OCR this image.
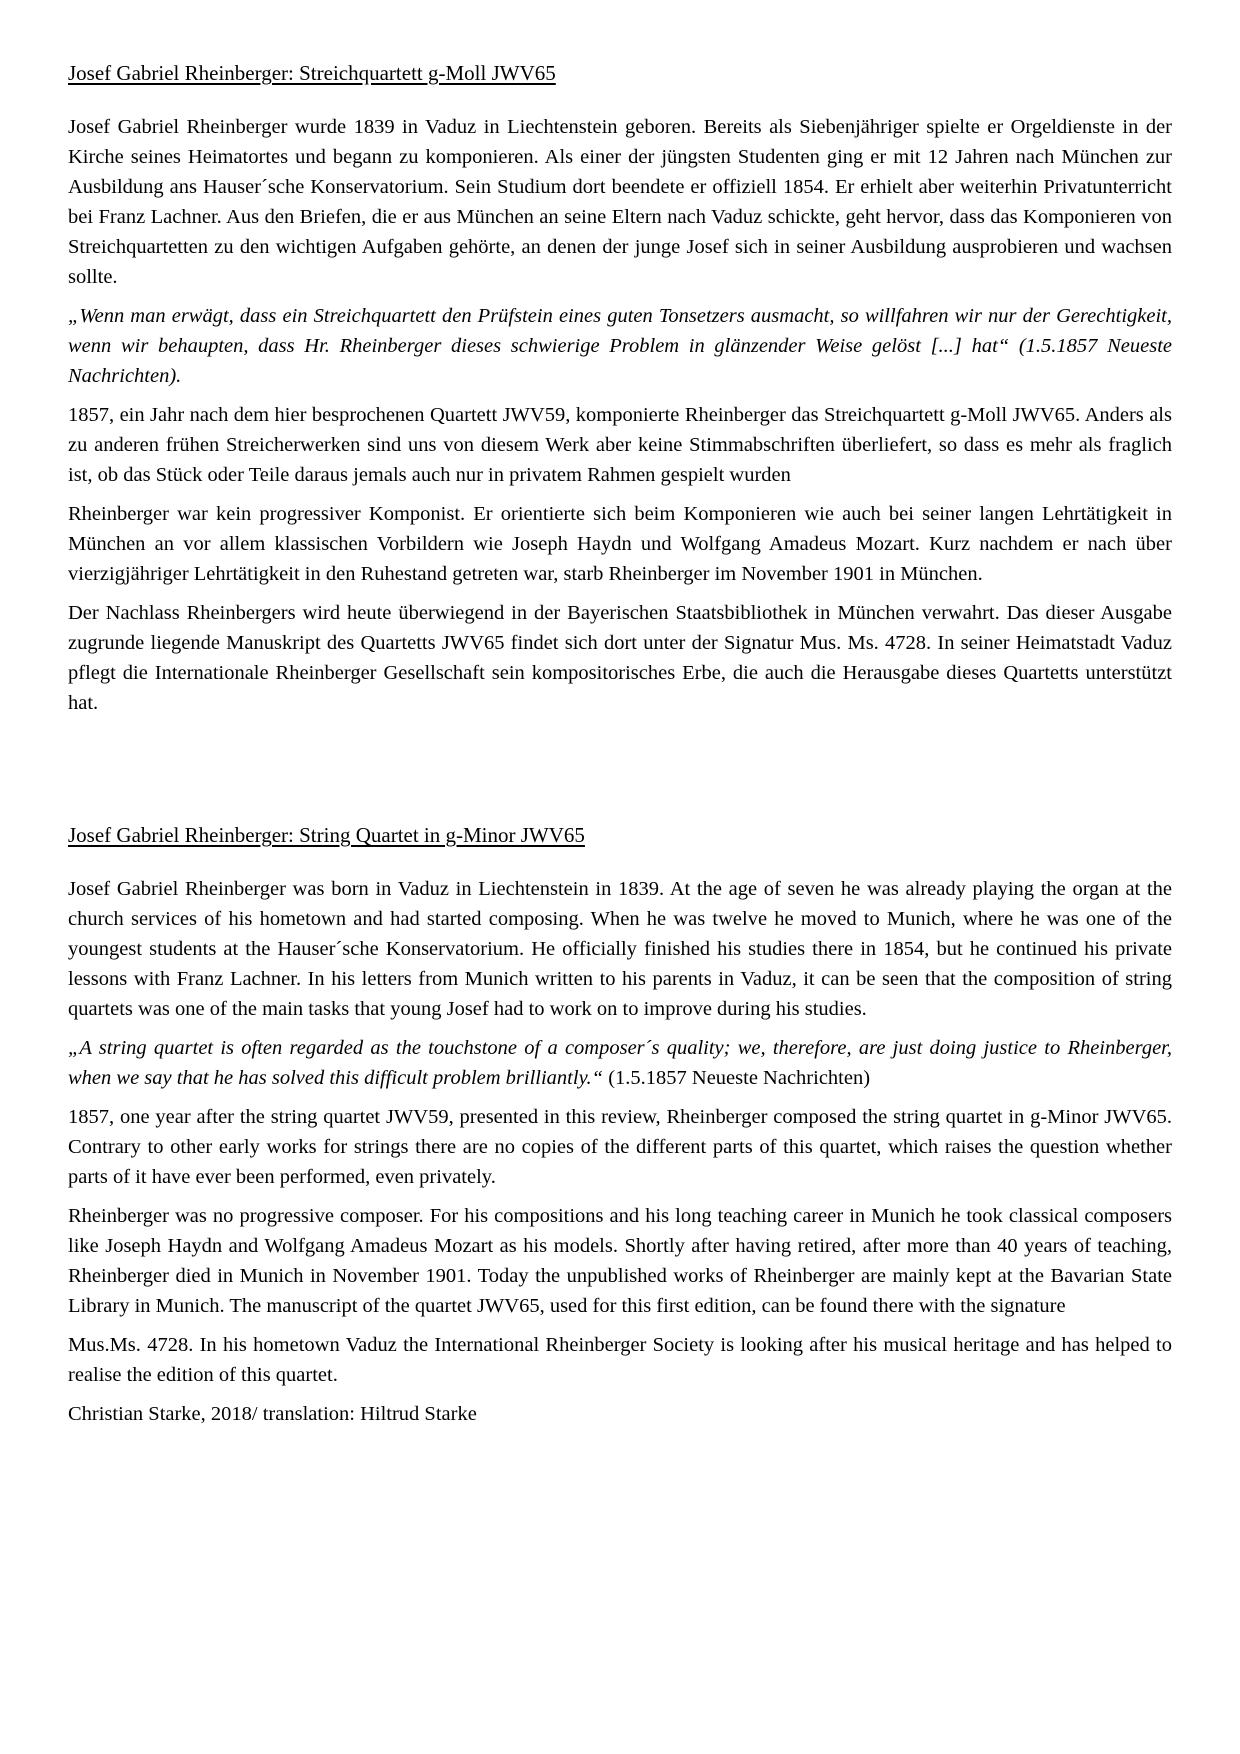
Josef Gabriel Rheinberger: Streichquartett g-Moll JWV65

Josef Gabriel Rheinberger wurde 1839 in Vaduz in Liechtenstein geboren. Bereits als Siebenjähriger spielte er Orgeldienste in der Kirche seines Heimatortes und begann zu komponieren. Als einer der jüngsten Studenten ging er mit 12 Jahren nach München zur Ausbildung ans Hauser´sche Konservatorium. Sein Studium dort beendete er offiziell 1854. Er erhielt aber weiterhin Privatunterricht bei Franz Lachner. Aus den Briefen, die er aus München an seine Eltern nach Vaduz schickte, geht hervor, dass das Komponieren von Streichquartetten zu den wichtigen Aufgaben gehörte, an denen der junge Josef sich in seiner Ausbildung ausprobieren und wachsen sollte.

„Wenn man erwägt, dass ein Streichquartett den Prüfstein eines guten Tonsetzers ausmacht, so willfahren wir nur der Gerechtigkeit, wenn wir behaupten, dass Hr. Rheinberger dieses schwierige Problem in glänzender Weise gelöst [...] hat“ (1.5.1857 Neueste Nachrichten).

1857, ein Jahr nach dem hier besprochenen Quartett JWV59, komponierte Rheinberger das Streichquartett g-Moll JWV65. Anders als zu anderen frühen Streicherwerken sind uns von diesem Werk aber keine Stimmabschriften überliefert, so dass es mehr als fraglich ist, ob das Stück oder Teile daraus jemals auch nur in privatem Rahmen gespielt wurden

Rheinberger war kein progressiver Komponist. Er orientierte sich beim Komponieren wie auch bei seiner langen Lehrtätigkeit in München an vor allem klassischen Vorbildern wie Joseph Haydn und Wolfgang Amadeus Mozart. Kurz nachdem er nach über vierzigjähriger Lehrtätigkeit in den Ruhestand getreten war, starb Rheinberger im November 1901 in München.

Der Nachlass Rheinbergers wird heute überwiegend in der Bayerischen Staatsbibliothek in München verwahrt. Das dieser Ausgabe zugrunde liegende Manuskript des Quartetts JWV65 findet sich dort unter der Signatur Mus. Ms. 4728. In seiner Heimatstadt Vaduz pflegt die Internationale Rheinberger Gesellschaft sein kompositorisches Erbe, die auch die Herausgabe dieses Quartetts unterstützt hat.

Josef Gabriel Rheinberger: String Quartet in g-Minor JWV65

Josef Gabriel Rheinberger was born in Vaduz in Liechtenstein in 1839. At the age of seven he was already playing the organ at the church services of his hometown and had started composing. When he was twelve he moved to Munich, where he was one of the youngest students at the Hauser´sche Konservatorium. He officially finished his studies there in 1854, but he continued his private lessons with Franz Lachner. In his letters from Munich written to his parents in Vaduz, it can be seen that the composition of string quartets was one of the main tasks that young Josef had to work on to improve during his studies.

„A string quartet is often regarded as the touchstone of a composer´s quality; we, therefore, are just doing justice to Rheinberger, when we say that he has solved this difficult problem brilliantly.“ (1.5.1857 Neueste Nachrichten)

1857, one year after the string quartet JWV59, presented in this review, Rheinberger composed the string quartet in g-Minor JWV65. Contrary to other early works for strings there are no copies of the different parts of this quartet, which raises the question whether parts of it have ever been performed, even privately.

Rheinberger was no progressive composer. For his compositions and his long teaching career in Munich he took classical composers like Joseph Haydn and Wolfgang Amadeus Mozart as his models. Shortly after having retired, after more than 40 years of teaching, Rheinberger died in Munich in November 1901. Today the unpublished works of Rheinberger are mainly kept at the Bavarian State Library in Munich. The manuscript of the quartet JWV65, used for this first edition, can be found there with the signature

Mus.Ms. 4728. In his hometown Vaduz the International Rheinberger Society is looking after his musical heritage and has helped to realise the edition of this quartet.

Christian Starke, 2018/ translation: Hiltrud Starke
